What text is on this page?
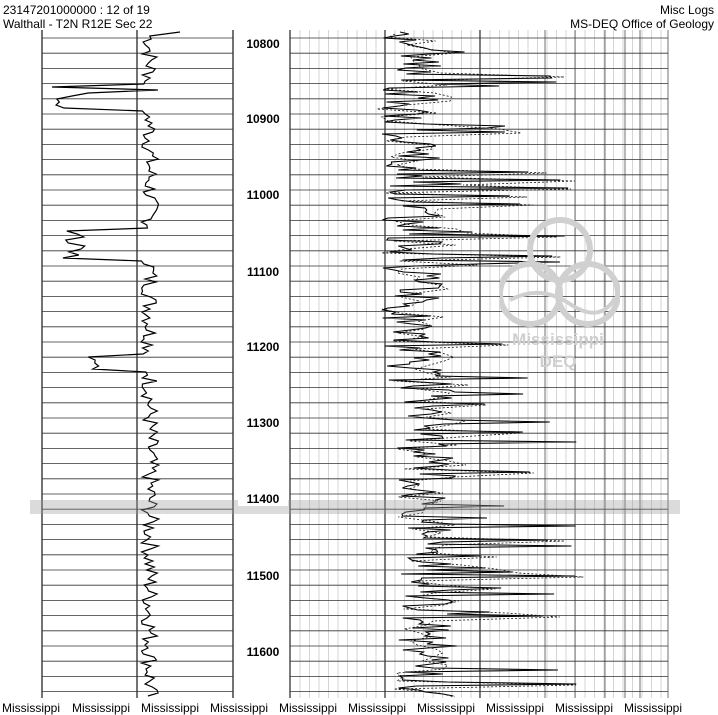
23147201000000 : 12 of 19
Walthall - T2N R12E Sec 22
Misc Logs
MS-DEQ Office of Geology
10800
10900
11000
11100
11200
11300
11400
11500
11600
Mississippi
DEQ
Mississippi Mississippi Mississippi Mississippi Mississippi Mississippi Mississippi Mississippi Mississippi Mississippi
